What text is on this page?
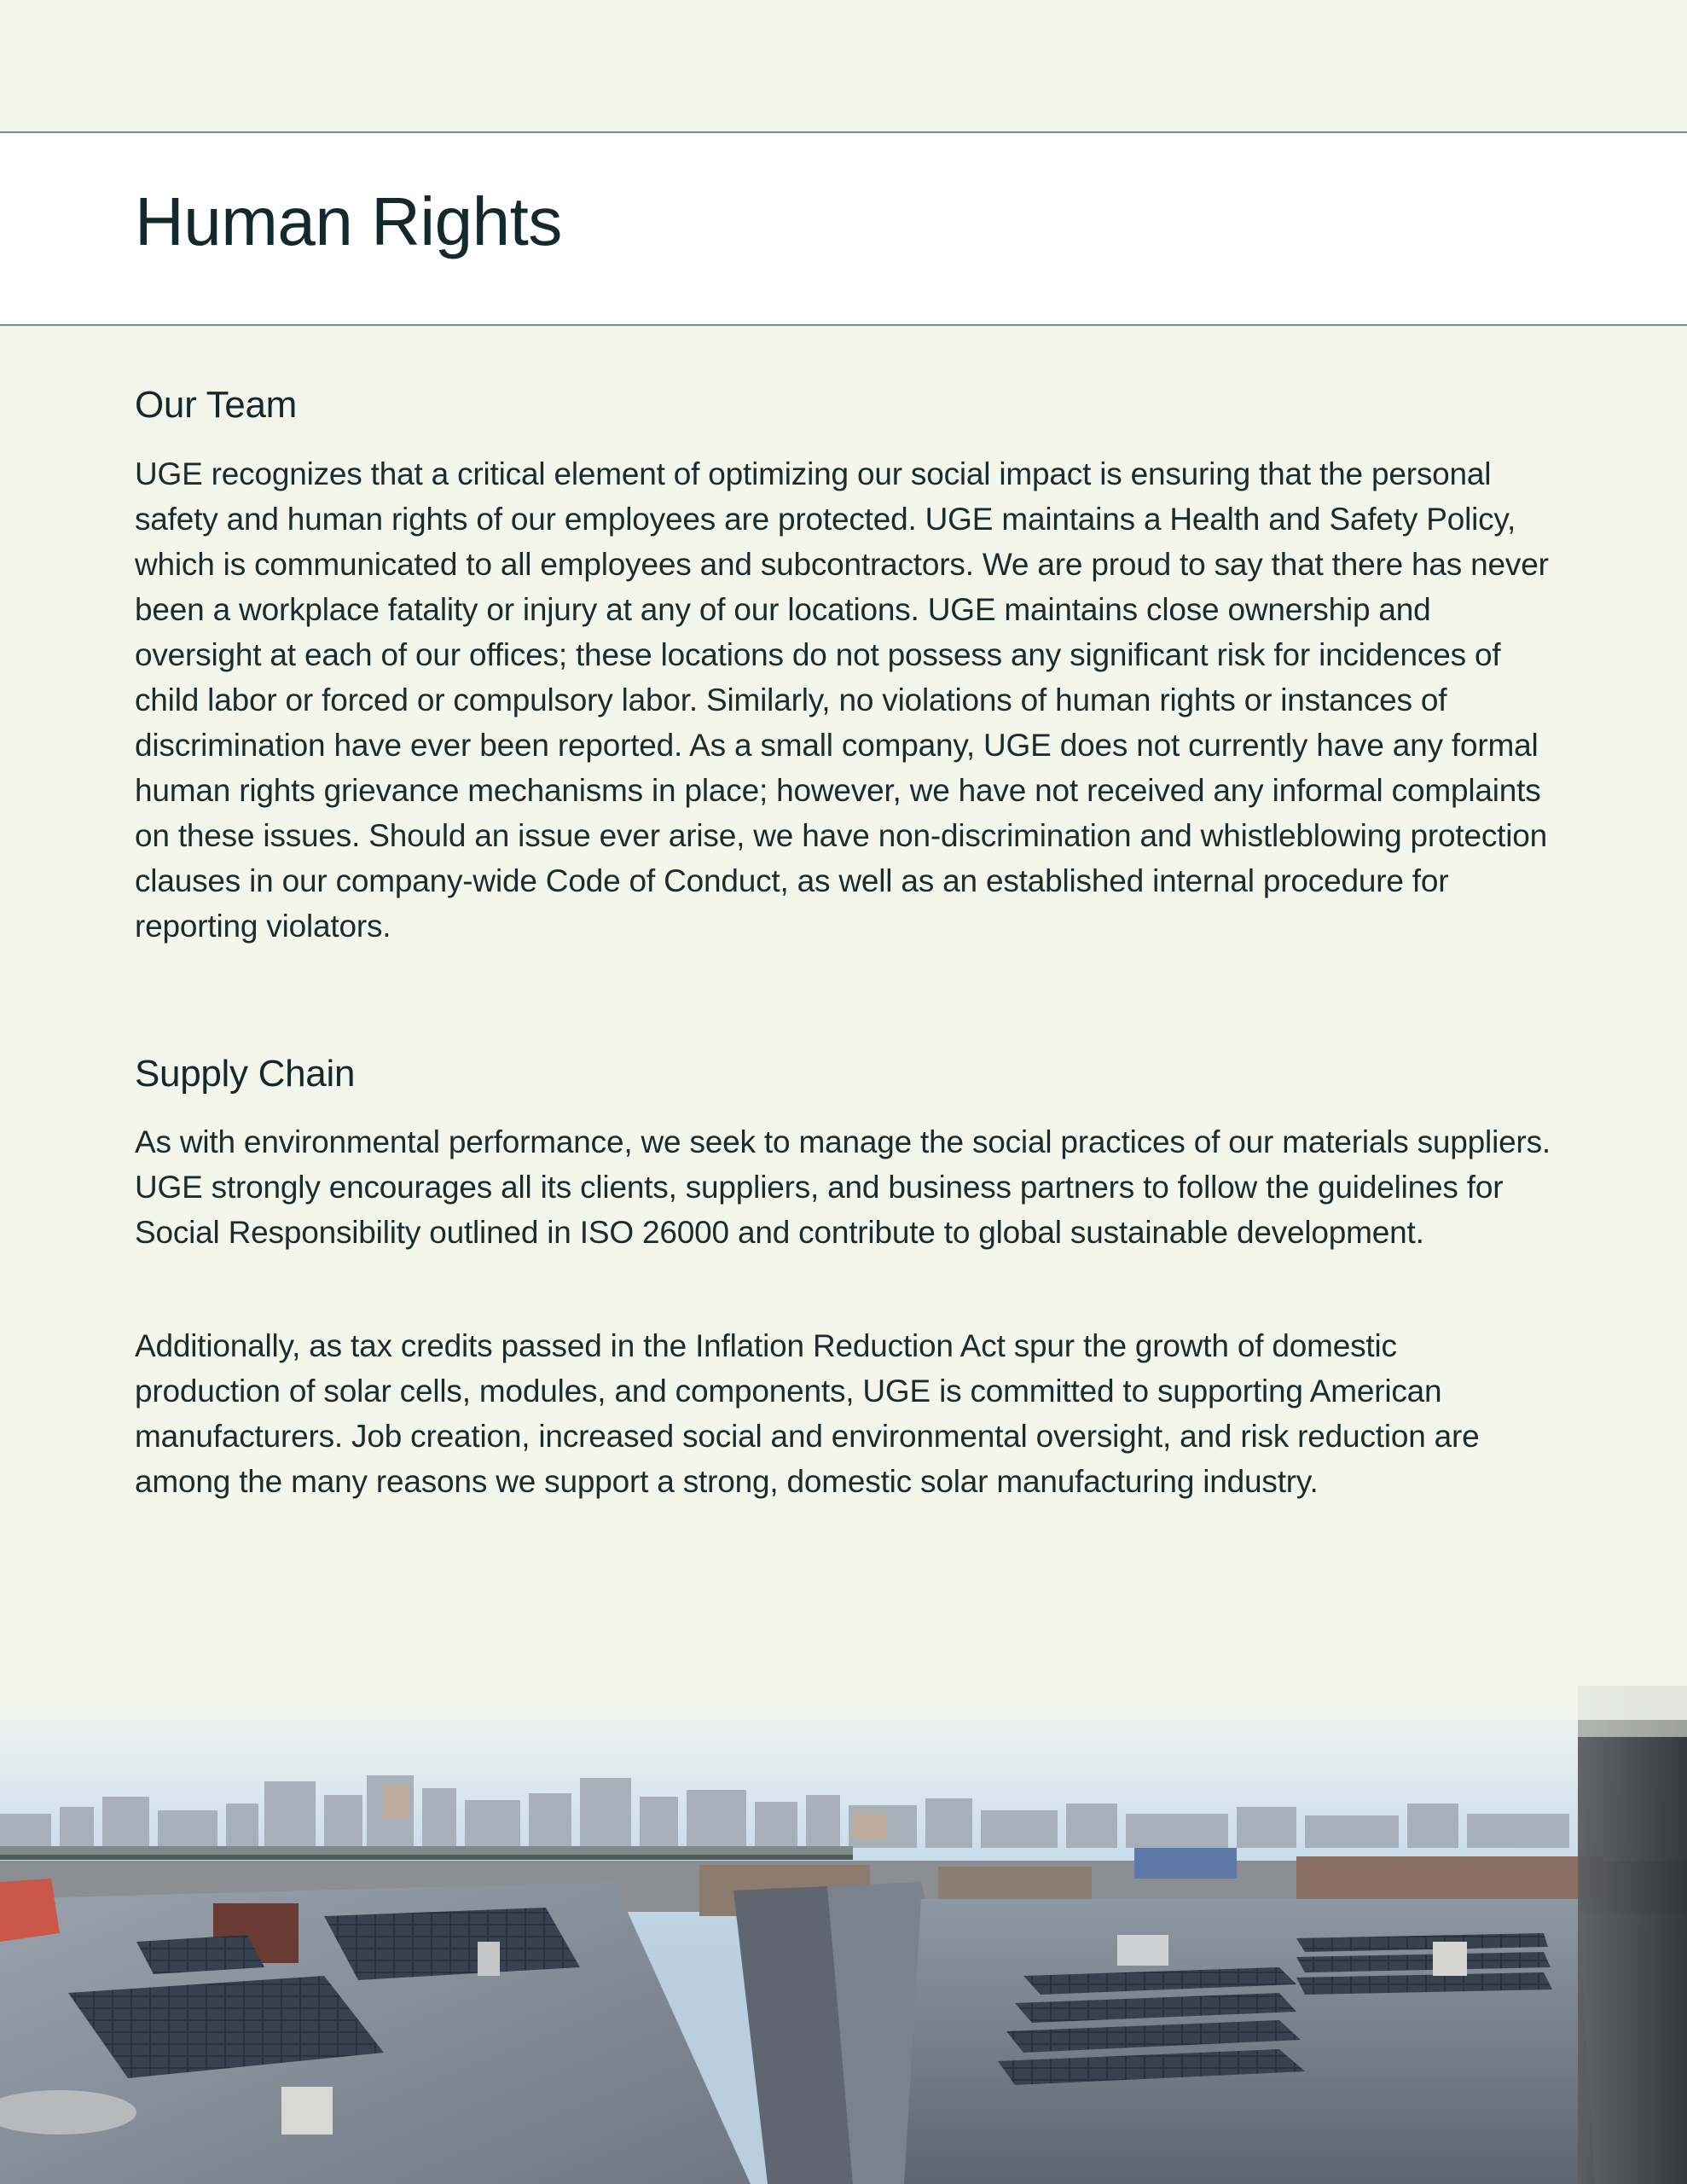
Human Rights
Our Team

UGE recognizes that a critical element of optimizing our social impact is ensuring that the personal safety and human rights of our employees are protected. UGE maintains a Health and Safety Policy, which is communicated to all employees and subcontractors. We are proud to say that there has never been a workplace fatality or injury at any of our locations. UGE maintains close ownership and oversight at each of our offices; these locations do not possess any significant risk for incidences of child labor or forced or compulsory labor. Similarly, no violations of human rights or instances of discrimination have ever been reported. As a small company, UGE does not currently have any formal human rights grievance mechanisms in place; however, we have not received any informal complaints on these issues. Should an issue ever arise, we have non-discrimination and whistleblowing protection clauses in our company-wide Code of Conduct, as well as an established internal procedure for reporting violators.

Supply Chain

As with environmental performance, we seek to manage the social practices of our materials suppliers. UGE strongly encourages all its clients, suppliers, and business partners to follow the guidelines for Social Responsibility outlined in ISO 26000 and contribute to global sustainable development.

Additionally, as tax credits passed in the Inflation Reduction Act spur the growth of domestic production of solar cells, modules, and components, UGE is committed to supporting American manufacturers. Job creation, increased social and environmental oversight, and risk reduction are among the many reasons we support a strong, domestic solar manufacturing industry.
